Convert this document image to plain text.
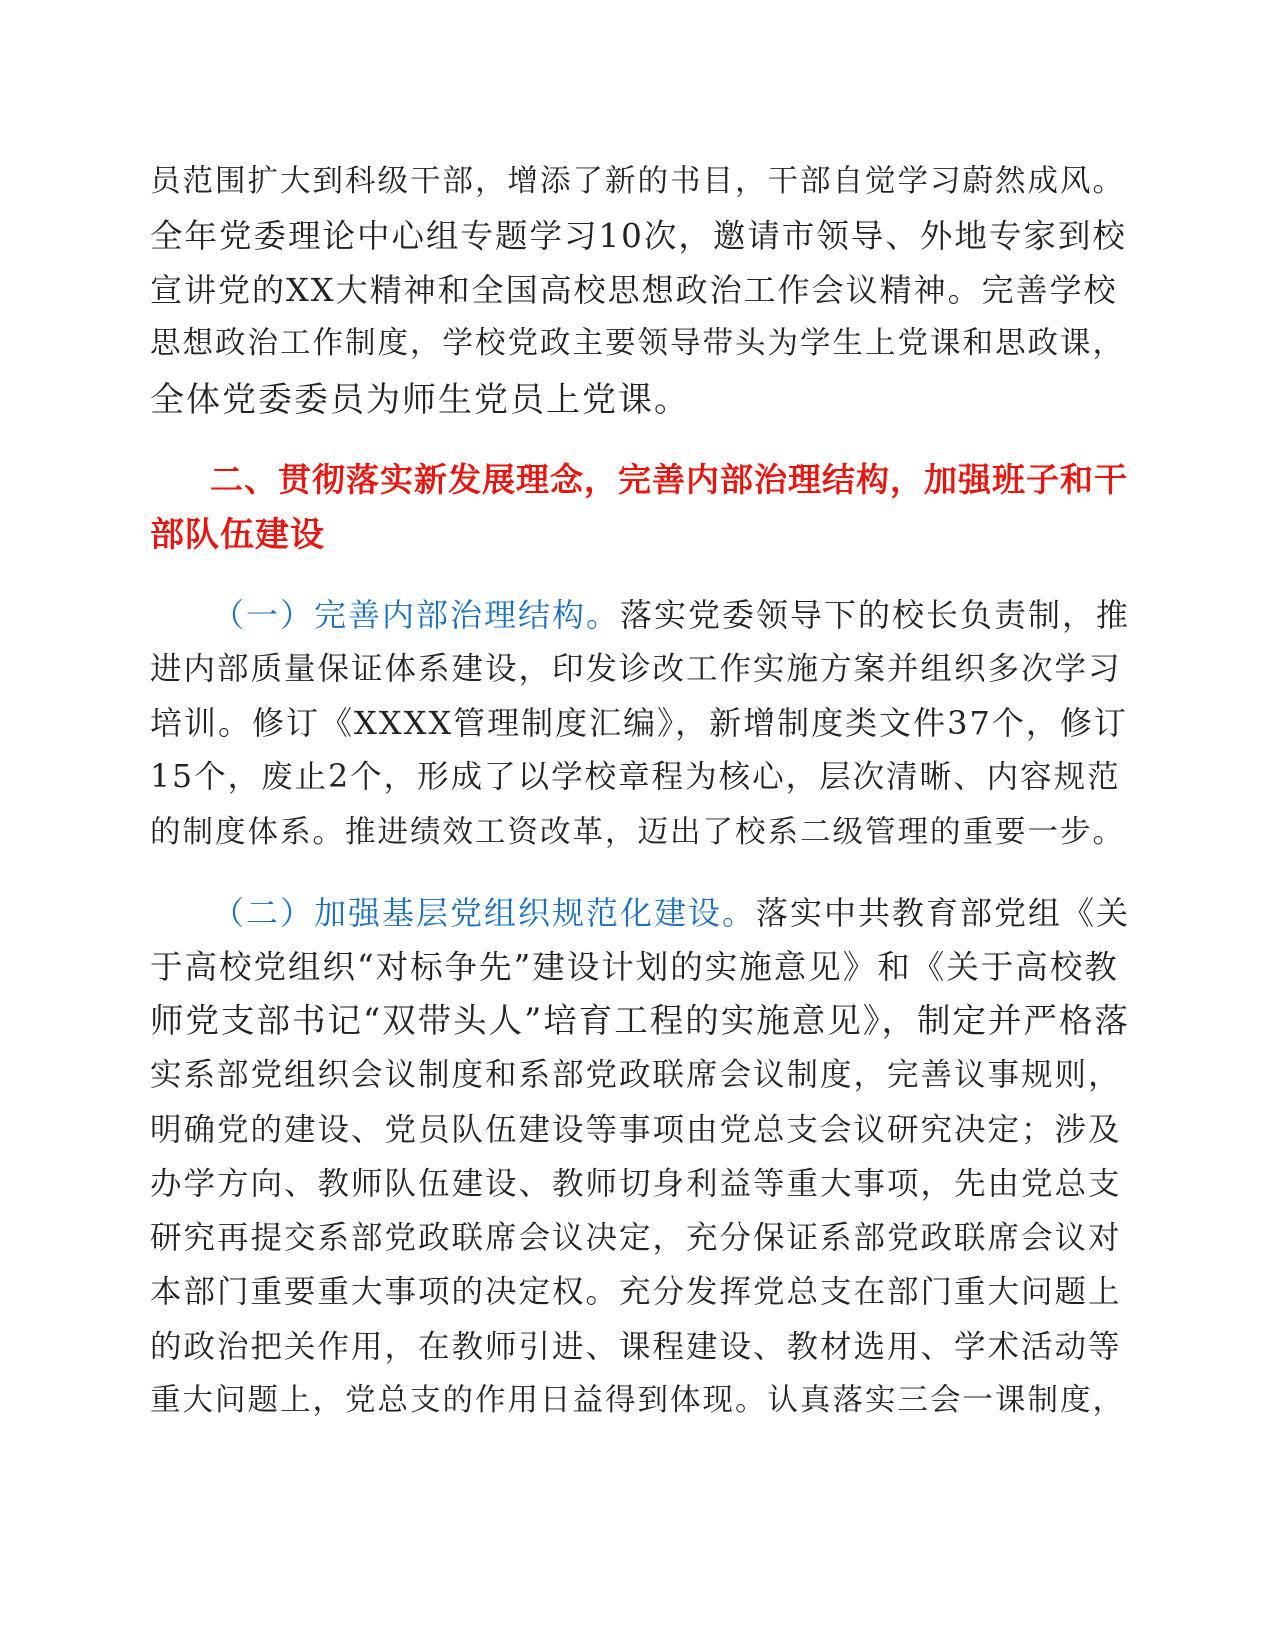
员范围扩大到科级干部，增添了新的书目，干部自觉学习蔚然成风。
全年党委理论中心组专题学习10次，邀请市领导、外地专家到校
宣讲党的XX大精神和全国高校思想政治工作会议精神。完善学校
思想政治工作制度，学校党政主要领导带头为学生上党课和思政课，
全体党委委员为师生党员上党课。
二、贯彻落实新发展理念，完善内部治理结构，加强班子和干
部队伍建设
（一）完善内部治理结构。落实党委领导下的校长负责制，推
进内部质量保证体系建设，印发诊改工作实施方案并组织多次学习
培训。修订《XXXX管理制度汇编》，新增制度类文件37个，修订
15个，废止2个，形成了以学校章程为核心，层次清晰、内容规范
的制度体系。推进绩效工资改革，迈出了校系二级管理的重要一步。
（二）加强基层党组织规范化建设。落实中共教育部党组《关
于高校党组织“对标争先”建设计划的实施意见》和《关于高校教
师党支部书记“双带头人”培育工程的实施意见》，制定并严格落
实系部党组织会议制度和系部党政联席会议制度，完善议事规则，
明确党的建设、党员队伍建设等事项由党总支会议研究决定；涉及
办学方向、教师队伍建设、教师切身利益等重大事项，先由党总支
研究再提交系部党政联席会议决定，充分保证系部党政联席会议对
本部门重要重大事项的决定权。充分发挥党总支在部门重大问题上
的政治把关作用，在教师引进、课程建设、教材选用、学术活动等
重大问题上，党总支的作用日益得到体现。认真落实三会一课制度，
